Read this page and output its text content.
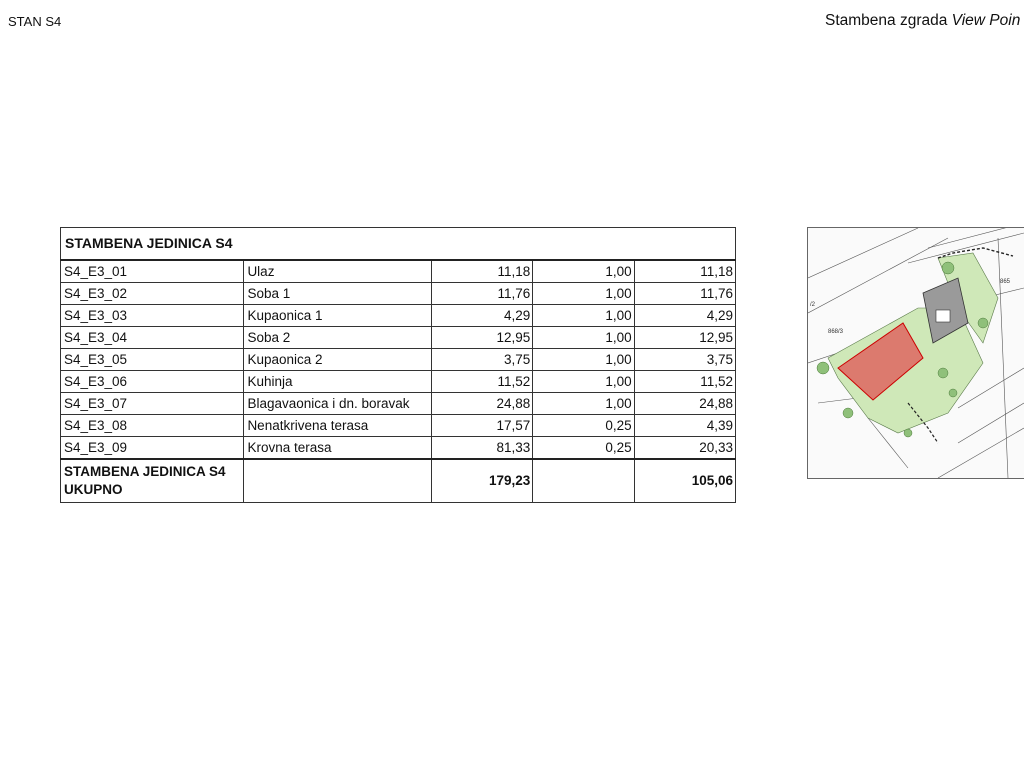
STAN S4	Stambena zgrada View Poin
STAMBENA JEDINICA S4				
S4_E3_01	Ulaz	11,18	1,00	11,18
S4_E3_02	Soba 1	11,76	1,00	11,76
S4_E3_03	Kupaonica 1	4,29	1,00	4,29
S4_E3_04	Soba 2	12,95	1,00	12,95
S4_E3_05	Kupaonica 2	3,75	1,00	3,75
S4_E3_06	Kuhinja	11,52	1,00	11,52
S4_E3_07	Blagavaonica i dn. boravak	24,88	1,00	24,88
S4_E3_08	Nenatkrivena terasa	17,57	0,25	4,39
S4_E3_09	Krovna terasa	81,33	0,25	20,33
STAMBENA JEDINICA S4
UKUPNO		179,23		105,06
865
868/3
/2
